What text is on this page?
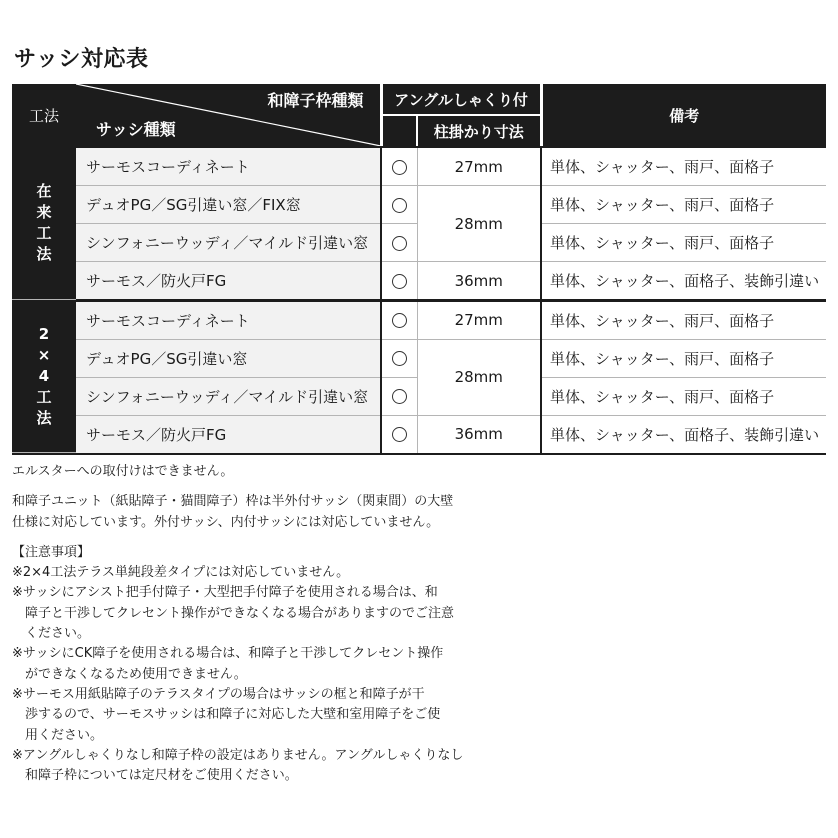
サッシ対応表
工法	和障子枠種類
サッシ種類	アングルしゃくり付		備考
			柱掛かり寸法	

在来工法	サーモスコーディネート		27mm	単体、シャッター、雨戸、面格子
	デュオPG／SG引違い窓／FIX窓		28mm	単体、シャッター、雨戸、面格子
	シンフォニーウッディ／マイルド引違い窓			単体、シャッター、雨戸、面格子
	サーモス／防火戸FG		36mm	単体、シャッター、面格子、装飾引違い

2×4工法	サーモスコーディネート		27mm	単体、シャッター、雨戸、面格子
	デュオPG／SG引違い窓		28mm	単体、シャッター、雨戸、面格子
	シンフォニーウッディ／マイルド引違い窓			単体、シャッター、雨戸、面格子
	サーモス／防火戸FG		36mm	単体、シャッター、面格子、装飾引違い

エルスターへの取付けはできません。

和障子ユニット（紙貼障子・猫間障子）枠は半外付サッシ（関東間）の大壁

仕様に対応しています。外付サッシ、内付サッシには対応していません。

【注意事項】

※2×4工法テラス単純段差タイプには対応していません。

※サッシにアシスト把手付障子・大型把手付障子を使用される場合は、和

障子と干渉してクレセント操作ができなくなる場合がありますのでご注意

ください。

※サッシにCK障子を使用される場合は、和障子と干渉してクレセント操作

ができなくなるため使用できません。

※サーモス用紙貼障子のテラスタイプの場合はサッシの框と和障子が干

渉するので、サーモスサッシは和障子に対応した大壁和室用障子をご使

用ください。

※アングルしゃくりなし和障子枠の設定はありません。アングルしゃくりなし

和障子枠については定尺材をご使用ください。
